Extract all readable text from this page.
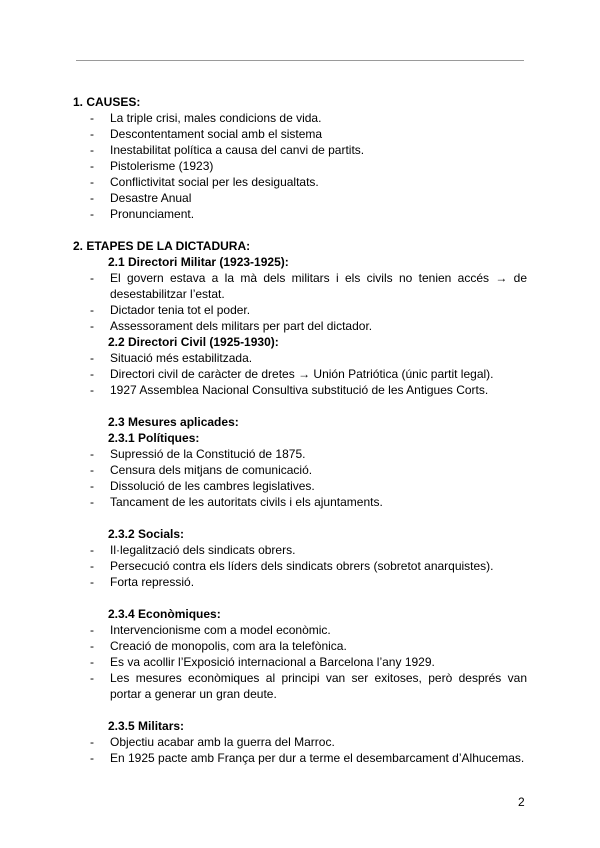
1. CAUSES:
- La triple crisi, males condicions de vida.
- Descontentament social amb el sistema
- Inestabilitat política a causa del canvi de partits.
- Pistolerisme (1923)
- Conflictivitat social per les desigualtats.
- Desastre Anual
- Pronunciament.
2. ETAPES DE LA DICTADURA:
2.1 Directori Militar (1923-1925):
- El govern estava a la mà dels militars i els civils no tenien accés → de
desestabilitzar l’estat.
- Dictador tenia tot el poder.
- Assessorament dels militars per part del dictador.
2.2 Directori Civil (1925-1930):
- Situació més estabilitzada.
- Directori civil de caràcter de dretes → Unión Patriótica (únic partit legal).
- 1927 Assemblea Nacional Consultiva substitució de les Antigues Corts.
2.3 Mesures aplicades:
2.3.1 Polítiques:
- Supressió de la Constitució de 1875.
- Censura dels mitjans de comunicació.
- Dissolució de les cambres legislatives.
- Tancament de les autoritats civils i els ajuntaments.
2.3.2 Socials:
- Il·legalització dels sindicats obrers.
- Persecució contra els líders dels sindicats obrers (sobretot anarquistes).
- Forta repressió.
2.3.4 Econòmiques:
- Intervencionisme com a model econòmic.
- Creació de monopolis, com ara la telefònica.
- Es va acollir l’Exposició internacional a Barcelona l’any 1929.
- Les mesures econòmiques al principi van ser exitoses, però després van
portar a generar un gran deute.
2.3.5 Militars:
- Objectiu acabar amb la guerra del Marroc.
- En 1925 pacte amb França per dur a terme el desembarcament d’Alhucemas.
2
